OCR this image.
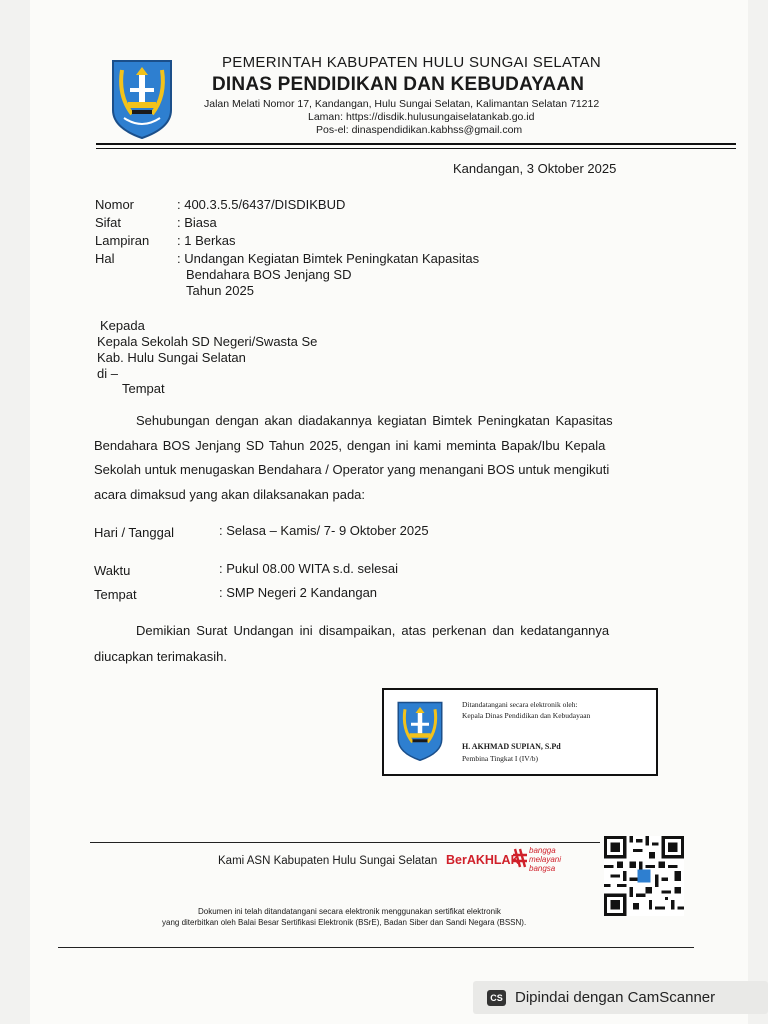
PEMERINTAH KABUPATEN HULU SUNGAI SELATAN
DINAS PENDIDIKAN DAN KEBUDAYAAN
Jalan Melati Nomor 17, Kandangan, Hulu Sungai Selatan, Kalimantan Selatan 71212
Laman: https://disdik.hulusungaiselatankab.go.id
Pos-el: dinaspendidikan.kabhss@gmail.com
Kandangan, 3 Oktober 2025
Nomor	: 400.3.5.5/6437/DISDIKBUD
Sifat	: Biasa
Lampiran : 1 Berkas
Hal	: Undangan Kegiatan Bimtek Peningkatan Kapasitas
Bendahara BOS Jenjang SD
Tahun 2025
Kepada
Kepala Sekolah SD Negeri/Swasta Se
Kab. Hulu Sungai Selatan
di –
Tempat
Sehubungan dengan akan diadakannya kegiatan Bimtek Peningkatan Kapasitas
Bendahara BOS Jenjang SD Tahun 2025, dengan ini kami meminta Bapak/Ibu Kepala
Sekolah untuk menugaskan Bendahara / Operator yang menangani BOS untuk mengikuti
acara dimaksud yang akan dilaksanakan pada:
Hari / Tanggal	: Selasa – Kamis/ 7- 9 Oktober 2025
Waktu	: Pukul 08.00 WITA s.d. selesai
Tempat	: SMP Negeri 2 Kandangan
Demikian Surat Undangan ini disampaikan, atas perkenan dan kedatangannya
diucapkan terimakasih.
Ditandatangani secara elektronik oleh:
Kepala Dinas Pendidikan dan Kebudayaan
H. AKHMAD SUPIAN, S.Pd
Pembina Tingkat I (IV/b)
Kami ASN Kabupaten Hulu Sungai Selatan BerAKHLAK
bangga
melayani
bangsa
Dokumen ini telah ditandatangani secara elektronik menggunakan sertifikat elektronik
yang diterbitkan oleh Balai Besar Sertifikasi Elektronik (BSrE), Badan Siber dan Sandi Negara (BSSN).
CS Dipindai dengan CamScanner
